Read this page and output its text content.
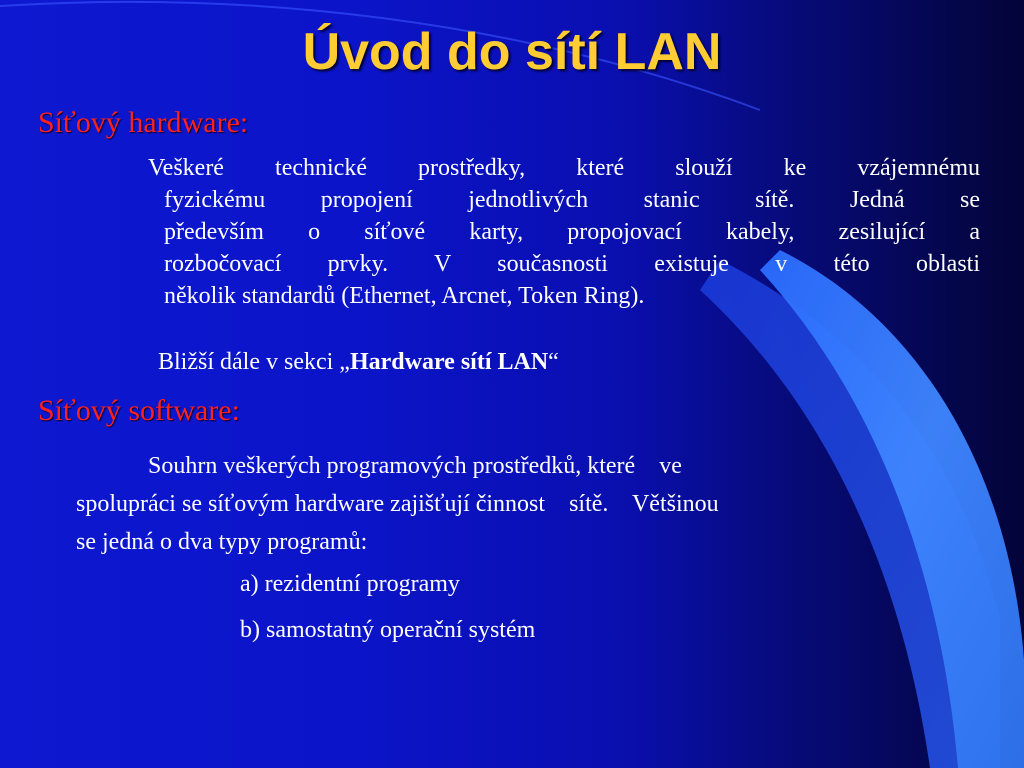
Úvod do sítí LAN
Síťový hardware:
Veškeré technické prostředky, které slouží ke vzájemnému
fyzickému propojení jednotlivých stanic sítě. Jedná se
především o síťové karty, propojovací kabely, zesilující a
rozbočovací prvky. V současnosti existuje v této oblasti
několik standardů (Ethernet, Arcnet, Token Ring).

Bližší dále v sekci „Hardware sítí LAN“

Síťový software:

Souhrn veškerých programových prostředků, které    ve

spolupráci se síťovým hardware zajišťují činnost    sítě.    Většinou

se jedná o dva typy programů:

a) rezidentní programy

b) samostatný operační systém
